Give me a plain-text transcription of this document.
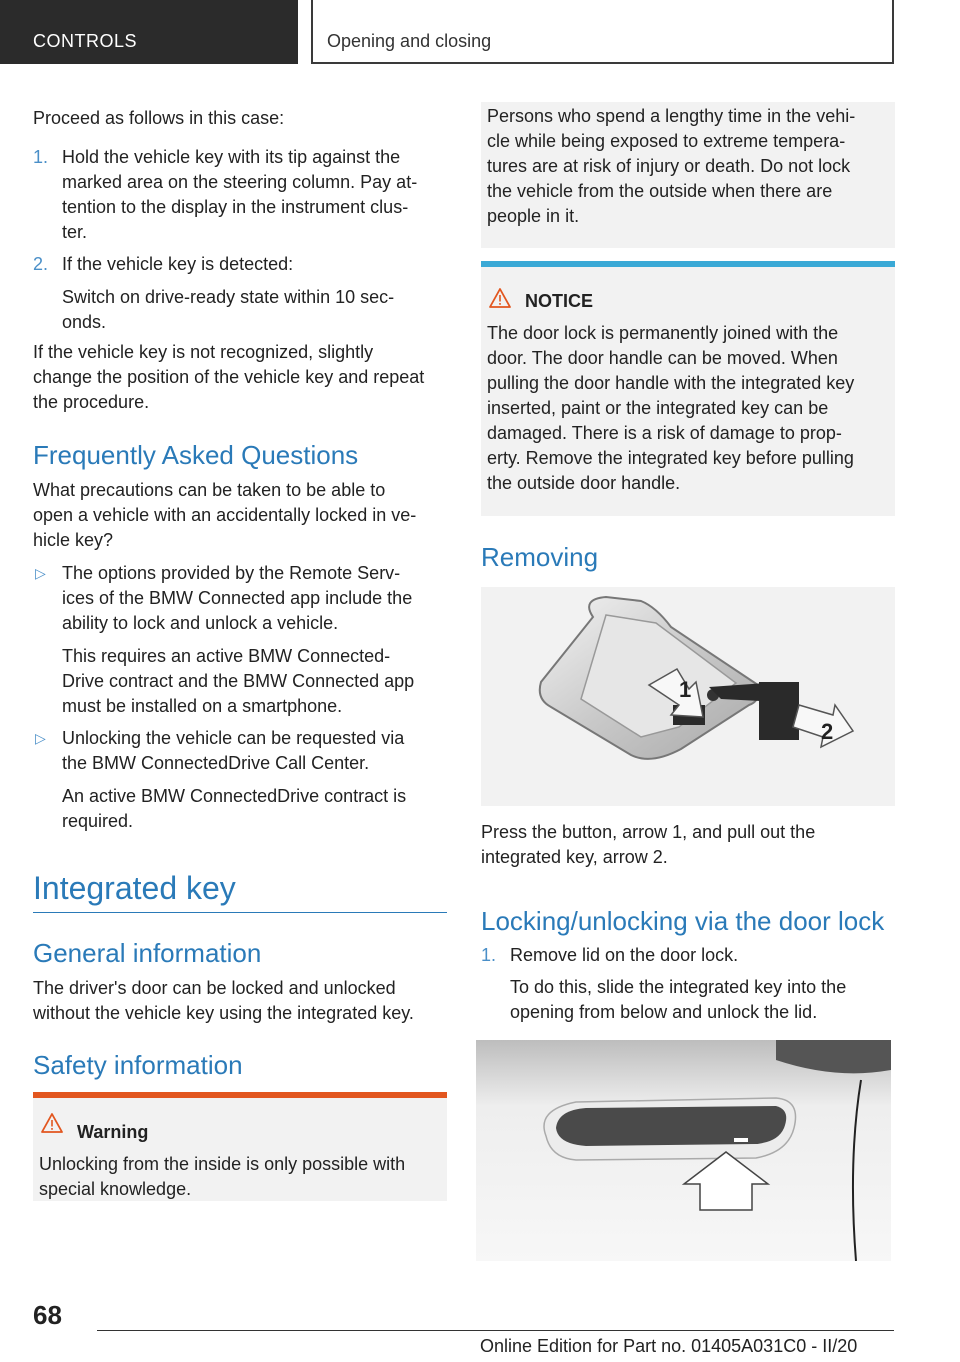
CONTROLS	Opening and closing
Proceed as follows in this case:
1. Hold the vehicle key with its tip against the
marked area on the steering column. Pay at-
tention to the display in the instrument clus-
ter.
2. If the vehicle key is detected:
Switch on drive-ready state within 10 sec-
onds.
If the vehicle key is not recognized, slightly
change the position of the vehicle key and repeat
the procedure.
Frequently Asked Questions
What precautions can be taken to be able to
open a vehicle with an accidentally locked in ve-
hicle key?
▷ The options provided by the Remote Serv-
ices of the BMW Connected app include the
ability to lock and unlock a vehicle.
This requires an active BMW Connected-
Drive contract and the BMW Connected app
must be installed on a smartphone.
▷ Unlocking the vehicle can be requested via
the BMW ConnectedDrive Call Center.
An active BMW ConnectedDrive contract is
required.
Integrated key
General information
The driver's door can be locked and unlocked
without the vehicle key using the integrated key.
Safety information
Warning
Unlocking from the inside is only possible with
special knowledge.
Persons who spend a lengthy time in the vehi-
cle while being exposed to extreme tempera-
tures are at risk of injury or death. Do not lock
the vehicle from the outside when there are
people in it.
NOTICE
The door lock is permanently joined with the
door. The door handle can be moved. When
pulling the door handle with the integrated key
inserted, paint or the integrated key can be
damaged. There is a risk of damage to prop-
erty. Remove the integrated key before pulling
the outside door handle.
Removing
1
2
Press the button, arrow 1, and pull out the
integrated key, arrow 2.
Locking/unlocking via the door lock
1. Remove lid on the door lock.
To do this, slide the integrated key into the
opening from below and unlock the lid.
68
Online Edition for Part no. 01405A031C0 - II/20
